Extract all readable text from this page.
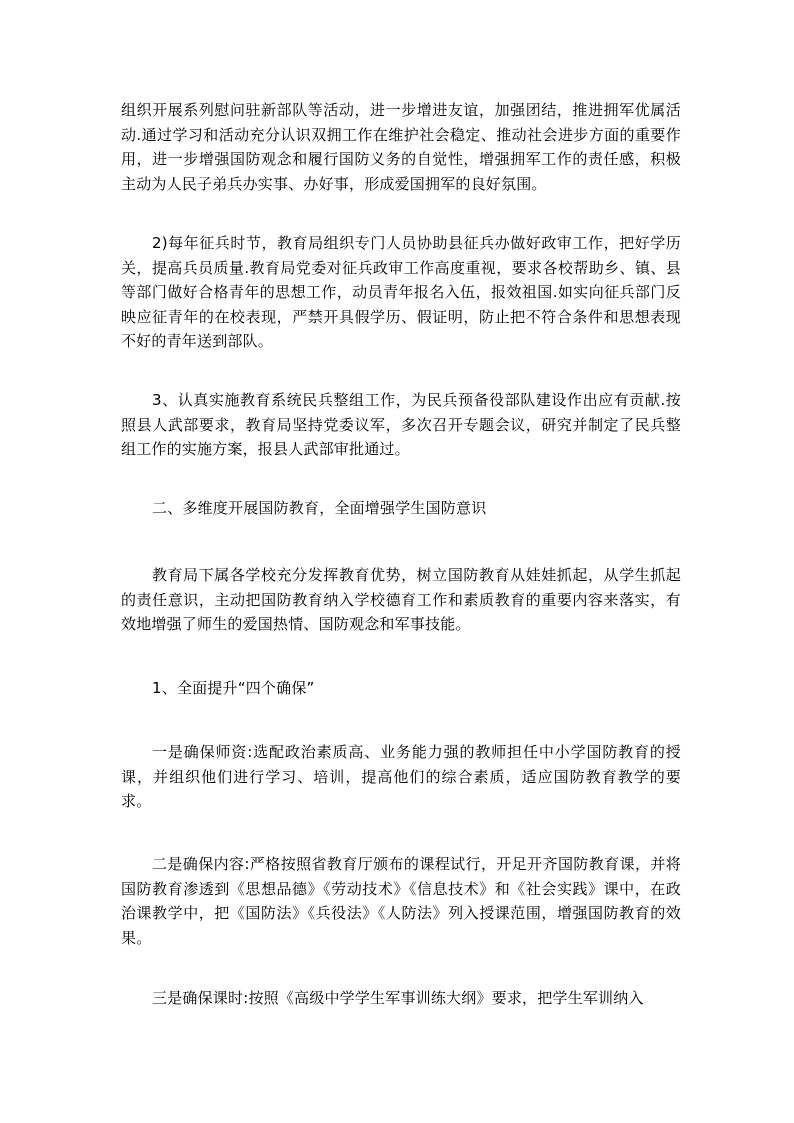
组织开展系列慰问驻新部队等活动，进一步增进友谊，加强团结，推进拥军优属活动.通过学习和活动充分认识双拥工作在维护社会稳定、推动社会进步方面的重要作用，进一步增强国防观念和履行国防义务的自觉性，增强拥军工作的责任感，积极主动为人民子弟兵办实事、办好事，形成爱国拥军的良好氛围。

2)每年征兵时节，教育局组织专门人员协助县征兵办做好政审工作，把好学历关，提高兵员质量.教育局党委对征兵政审工作高度重视，要求各校帮助乡、镇、县等部门做好合格青年的思想工作，动员青年报名入伍，报效祖国.如实向征兵部门反映应征青年的在校表现，严禁开具假学历、假证明，防止把不符合条件和思想表现不好的青年送到部队。

3、认真实施教育系统民兵整组工作，为民兵预备役部队建设作出应有贡献.按照县人武部要求，教育局坚持党委议军，多次召开专题会议，研究并制定了民兵整组工作的实施方案，报县人武部审批通过。

二、多维度开展国防教育，全面增强学生国防意识

教育局下属各学校充分发挥教育优势，树立国防教育从娃娃抓起，从学生抓起的责任意识，主动把国防教育纳入学校德育工作和素质教育的重要内容来落实，有效地增强了师生的爱国热情、国防观念和军事技能。

1、全面提升“四个确保”

一是确保师资:选配政治素质高、业务能力强的教师担任中小学国防教育的授课，并组织他们进行学习、培训，提高他们的综合素质，适应国防教育教学的要求。

二是确保内容:严格按照省教育厅颁布的课程试行，开足开齐国防教育课，并将国防教育渗透到《思想品德》《劳动技术》《信息技术》和《社会实践》课中，在政治课教学中，把《国防法》《兵役法》《人防法》列入授课范围，增强国防教育的效果。

三是确保课时:按照《高级中学学生军事训练大纲》要求，把学生军训纳入
